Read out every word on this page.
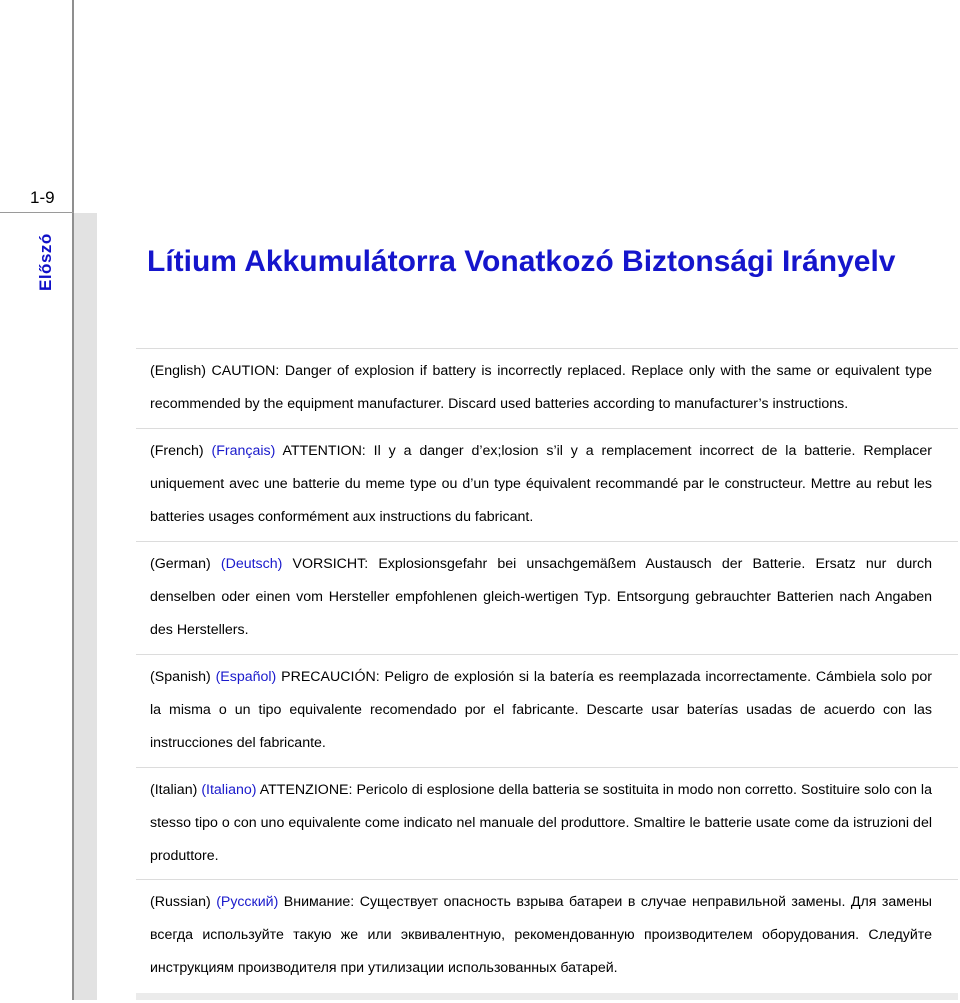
1-9
Előszó	Lítium Akkumulátorra Vonatkozó Biztonsági Irányelv
(English) CAUTION: Danger of explosion if battery is incorrectly replaced. Replace only with the same or equivalent type recommended by the equipment manufacturer. Discard used batteries according to manufacturer’s instructions.
(French) (Français) ATTENTION: Il y a danger d’ex;losion s’il y a remplacement incorrect de la batterie. Remplacer uniquement avec une batterie du meme type ou d’un type équivalent recommandé par le constructeur. Mettre au rebut les batteries usages conformément aux instructions du fabricant.
(German) (Deutsch) VORSICHT: Explosionsgefahr bei unsachgemäßem Austausch der Batterie. Ersatz nur durch denselben oder einen vom Hersteller empfohlenen gleich-wertigen Typ. Entsorgung gebrauchter Batterien nach Angaben des Herstellers.
(Spanish) (Español) PRECAUCIÓN: Peligro de explosión si la batería es reemplazada incorrectamente. Cámbiela solo por la misma o un tipo equivalente recomendado por el fabricante. Descarte usar baterías usadas de acuerdo con las instrucciones del fabricante.
(Italian) (Italiano) ATTENZIONE: Pericolo di esplosione della batteria se sostituita in modo non corretto. Sostituire solo con la stesso tipo o con uno equivalente come indicato nel manuale del produttore. Smaltire le batterie usate come da istruzioni del produttore.
(Russian) (Русский) Внимание: Существует опасность взрыва батареи в случае неправильной замены. Для замены всегда используйте такую же или эквивалентную, рекомендованную производителем оборудования. Следуйте инструкциям производителя при утилизации использованных батарей.
